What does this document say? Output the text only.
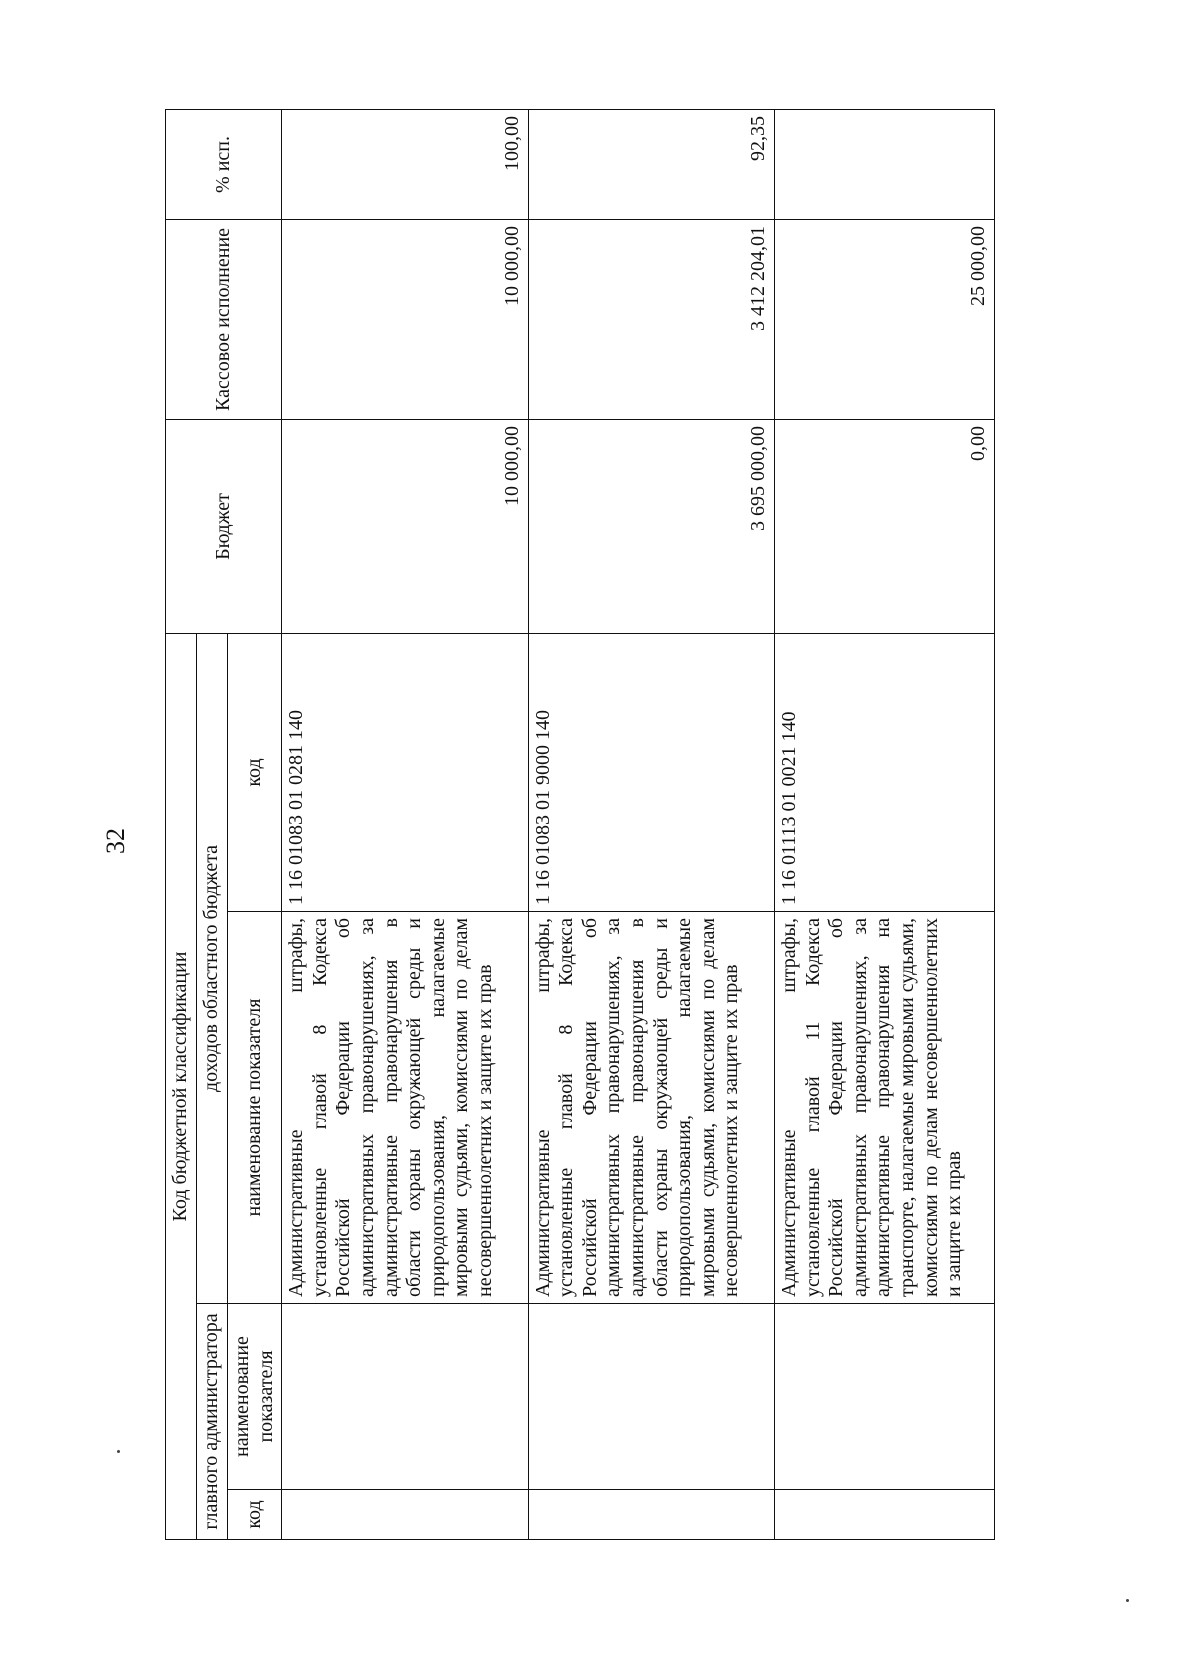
32
Код бюджетной классификации				Бюджет	Кассовое исполнение	% исп.
главного администратора		доходов областного бюджета				
код	наименование показателя	наименование показателя	код			
		Административные штрафы, установленные главой 8 Кодекса Российской Федерации об административных правонарушениях, за административные правонарушения в области охраны окружающей среды и природопользования, налагаемые мировыми судьями, комиссиями по делам несовершеннолетних и защите их прав	1 16 01083 01 0281 140	10 000,00	10 000,00	100,00
		Административные штрафы, установленные главой 8 Кодекса Российской Федерации об административных правонарушениях, за административные правонарушения в области охраны окружающей среды и природопользования, налагаемые мировыми судьями, комиссиями по делам несовершеннолетних и защите их прав	1 16 01083 01 9000 140	3 695 000,00	3 412 204,01	92,35
		Административные штрафы, установленные главой 11 Кодекса Российской Федерации об административных правонарушениях, за административные правонарушения на транспорте, налагаемые мировыми судьями, комиссиями по делам несовершеннолетних и защите их прав	1 16 01113 01 0021 140	0,00	25 000,00	
